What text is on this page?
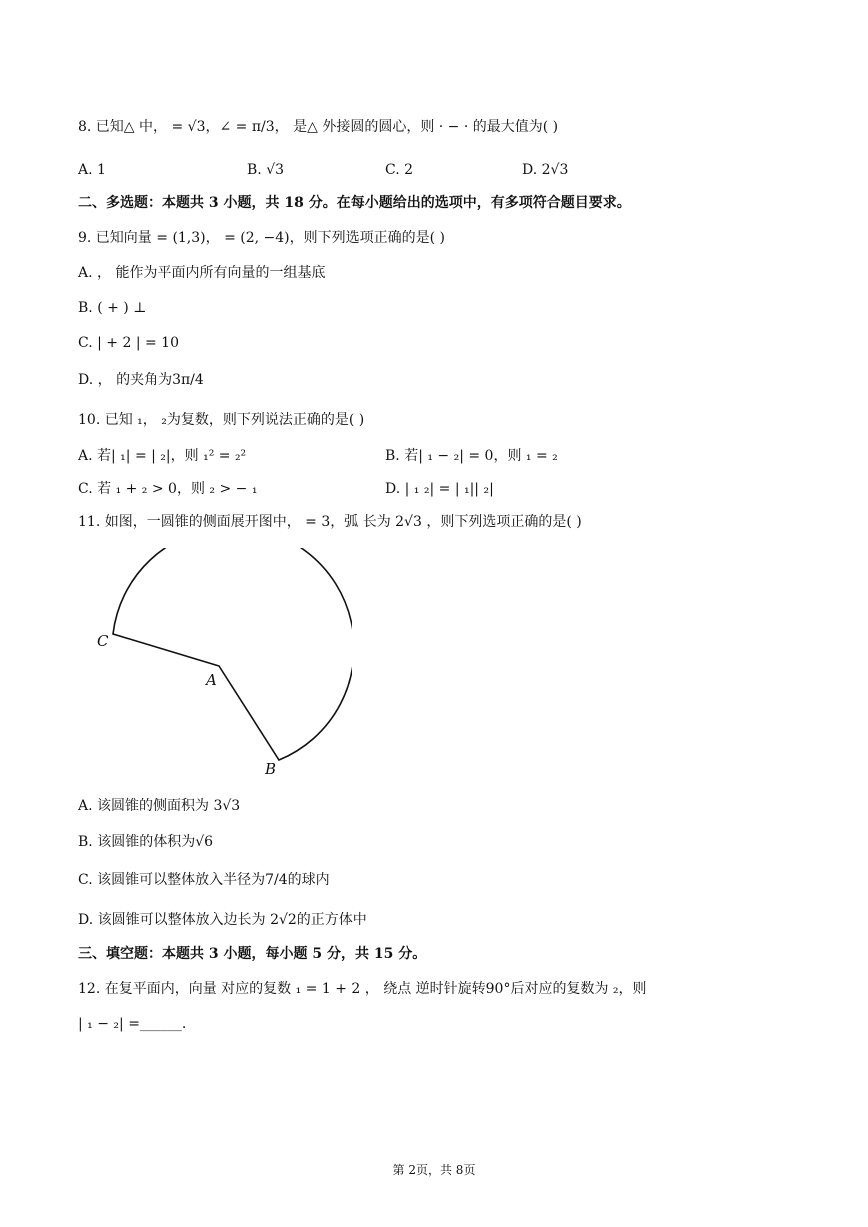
8. 已知△ 中， = √3，∠ = π/3， 是△ 外接圆的圆心，则 · − · 的最大值为( )
A. 1	B. √3	C. 2	D. 2√3
二、多选题：本题共 3 小题，共 18 分。在每小题给出的选项中，有多项符合题目要求。
9. 已知向量 = (1,3)， = (2, −4)，则下列选项正确的是( )
A. ， 能作为平面内所有向量的一组基底
B. ( + ) ⊥
C. | + 2 | = 10
D. ， 的夹角为3π/4
10. 已知 ₁， ₂为复数，则下列说法正确的是( )
A. 若| ₁| = | ₂|，则 ₁² = ₂²	B. 若| ₁ − ₂| = 0，则 ₁ = ₂
C. 若 ₁ + ₂ > 0，则 ₂ > − ₁	D. | ₁ ₂| = | ₁|| ₂|
11. 如图，一圆锥的侧面展开图中， = 3，弧 长为 2√3 ，则下列选项正确的是( )
C
A
B
A. 该圆锥的侧面积为 3√3
B. 该圆锥的体积为√6
C. 该圆锥可以整体放入半径为7/4的球内
D. 该圆锥可以整体放入边长为 2√2的正方体中
三、填空题：本题共 3 小题，每小题 5 分，共 15 分。
12. 在复平面内，向量 对应的复数 ₁ = 1 + 2 ， 绕点 逆时针旋转90°后对应的复数为 ₂，则
| ₁ − ₂| =______.
第 2页，共 8页
